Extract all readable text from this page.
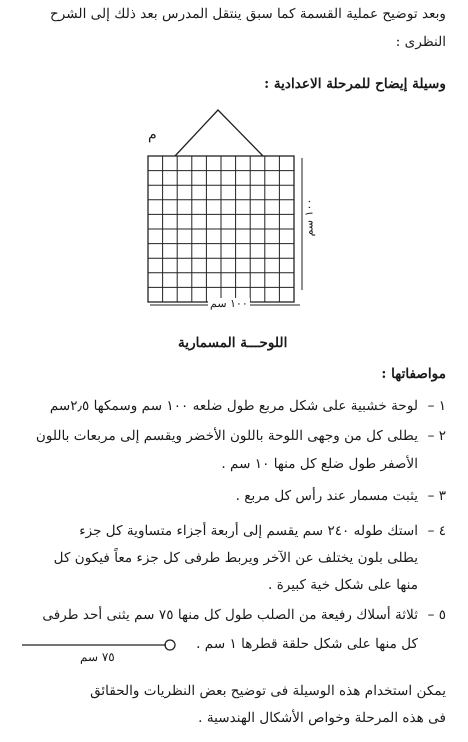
وبعد توضيح عملية القسمة كما سبق ينتقل المدرس بعد ذلك إلى الشرح
النظرى :
وسيلة إيضاح للمرحلة الاعدادية :
م
١٠٠ سم
١٠٠ سم
اللوحـــة المسمارية
مواصفاتها :
١ –
لوحة خشبية على شكل مربع طول ضلعه ١٠٠ سم وسمكها ٢٫٥سم
٢ –
يطلى كل من وجهى اللوحة باللون الأخضر ويقسم إلى مربعات باللون
الأصفر طول ضلع كل منها ١٠ سم .
٣ –
يثبت مسمار عند رأس كل مربع .
٤ –
استك طوله ٢٤٠ سم يقسم إلى أربعة أجزاء متساوية كل جزء
يطلى بلون يختلف عن الآخر ويربط طرفى كل جزء معاً فيكون كل
منها على شكل خية كبيرة .
٥ –
ثلاثة أسلاك رفيعة من الصلب طول كل منها ٧٥ سم يثنى أحد طرفى
كل منها على شكل حلقة قطرها ١ سم .
٧٥ سم
يمكن استخدام هذه الوسيلة فى توضيح بعض النظريات والحقائق
فى هذه المرحلة وخواص الأشكال الهندسية .
